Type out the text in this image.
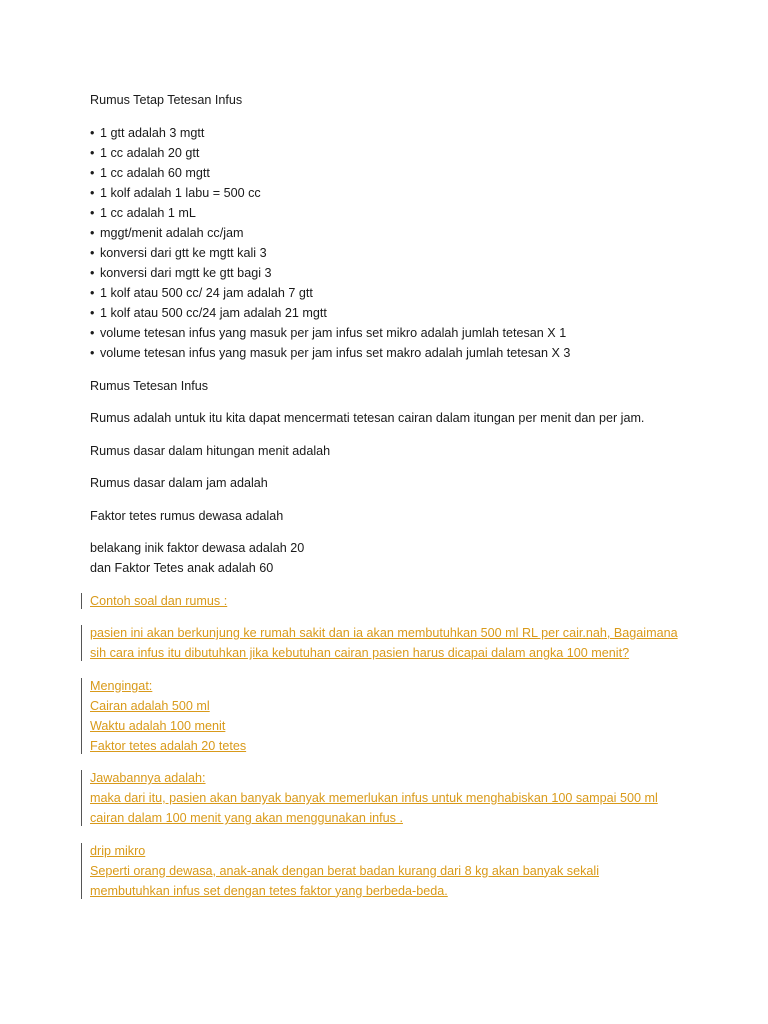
Rumus Tetap Tetesan Infus

• 1 gtt adalah 3 mgtt
• 1 cc adalah 20 gtt
• 1 cc adalah 60 mgtt
• 1 kolf adalah 1 labu = 500 cc
• 1 cc adalah 1 mL
• mggt/menit adalah cc/jam
• konversi dari gtt ke mgtt kali 3
• konversi dari mgtt ke gtt bagi 3
• 1 kolf atau 500 cc/ 24 jam adalah 7 gtt
• 1 kolf atau 500 cc/24 jam adalah 21 mgtt
• volume tetesan infus yang masuk per jam infus set mikro adalah jumlah tetesan X 1
• volume tetesan infus yang masuk per jam infus set makro adalah jumlah tetesan X 3

Rumus Tetesan Infus

Rumus adalah untuk itu kita dapat mencermati tetesan cairan dalam itungan per menit dan per jam.

Rumus dasar dalam hitungan menit adalah

Rumus dasar dalam jam adalah

Faktor tetes rumus dewasa adalah

belakang inik faktor dewasa adalah 20
dan Faktor Tetes anak adalah 60
Contoh soal dan rumus :
pasien ini akan berkunjung ke rumah sakit dan ia akan membutuhkan 500 ml RL per cair.nah, Bagaimana
sih cara infus itu dibutuhkan jika kebutuhan cairan pasien harus dicapai dalam angka 100 menit?
Mengingat:
Cairan adalah 500 ml
Waktu adalah 100 menit
Faktor tetes adalah 20 tetes
Jawabannya adalah:
maka dari itu, pasien akan banyak banyak memerlukan infus untuk menghabiskan 100 sampai 500 ml
cairan dalam 100 menit yang akan menggunakan infus .
drip mikro
Seperti orang dewasa, anak-anak dengan berat badan kurang dari 8 kg akan banyak sekali
membutuhkan infus set dengan tetes faktor yang berbeda-beda.
